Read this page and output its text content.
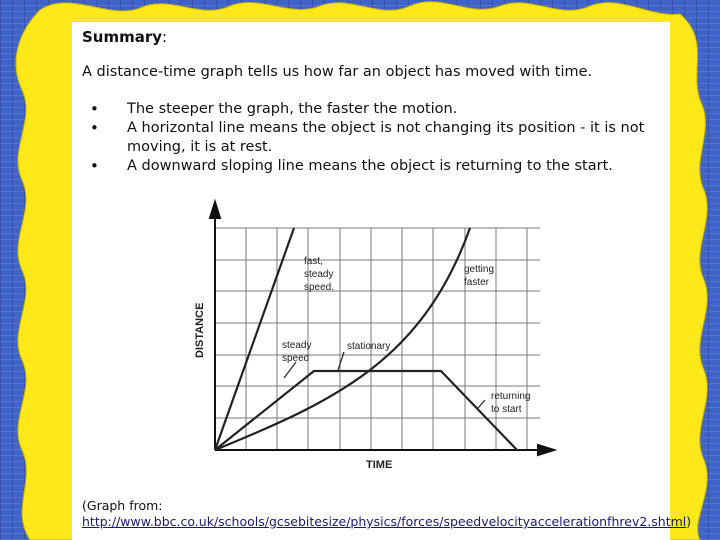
Summary:
A distance-time graph tells us how far an object has moved with time.
• The steeper the graph, the faster the motion.
• A horizontal line means the object is not changing its position - it is not moving, it is at rest.
• A downward sloping line means the object is returning to the start.
TIME
DISTANCE
fast,
steady
speed.
steady
speed
stationary
getting
faster
returning
to start
(Graph from:
http://www.bbc.co.uk/schools/gcsebitesize/physics/forces/speedvelocityaccelerationfhrev2.shtml)
